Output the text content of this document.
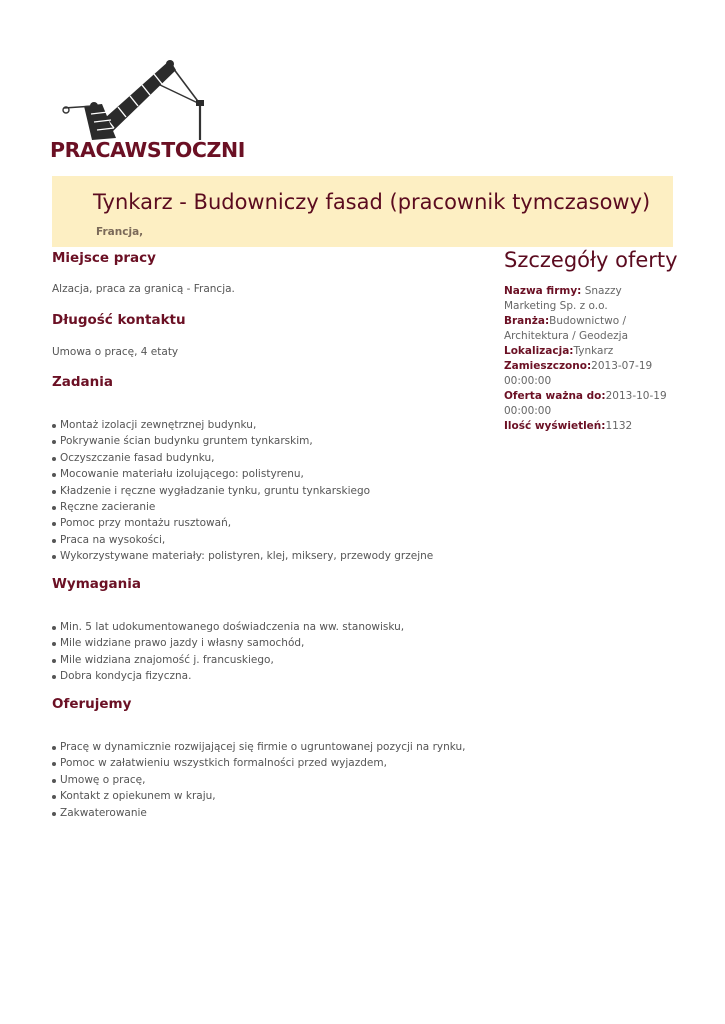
PRACAWSTOCZNI
Tynkarz - Budowniczy fasad (pracownik tymczasowy)
Francja,
Miejsce pracy
Alzacja, praca za granicą - Francja.
Długość kontaktu
Umowa o pracę, 4 etaty
Zadania
Montaż izolacji zewnętrznej budynku,
Pokrywanie ścian budynku gruntem tynkarskim,
Oczyszczanie fasad budynku,
Mocowanie materiału izolującego: polistyrenu,
Kładzenie i ręczne wygładzanie tynku, gruntu tynkarskiego
Ręczne zacieranie
Pomoc przy montażu rusztowań,
Praca na wysokości,
Wykorzystywane materiały: polistyren, klej, miksery, przewody grzejne
Wymagania
Min. 5 lat udokumentowanego doświadczenia na ww. stanowisku,
Mile widziane prawo jazdy i własny samochód,
Mile widziana znajomość j. francuskiego,
Dobra kondycja fizyczna.
Oferujemy
Pracę w dynamicznie rozwijającej się firmie o ugruntowanej pozycji na rynku,
Pomoc w załatwieniu wszystkich formalności przed wyjazdem,
Umowę o pracę,
Kontakt z opiekunem w kraju,
Zakwaterowanie
Szczegóły oferty

Nazwa firmy: Snazzy Marketing Sp. z o.o.

Branża:Budownictwo / Architektura / Geodezja

Lokalizacja:Tynkarz

Zamieszczono:2013-07-19 00:00:00

Oferta ważna do:2013-10-19 00:00:00

Ilość wyświetleń:1132
